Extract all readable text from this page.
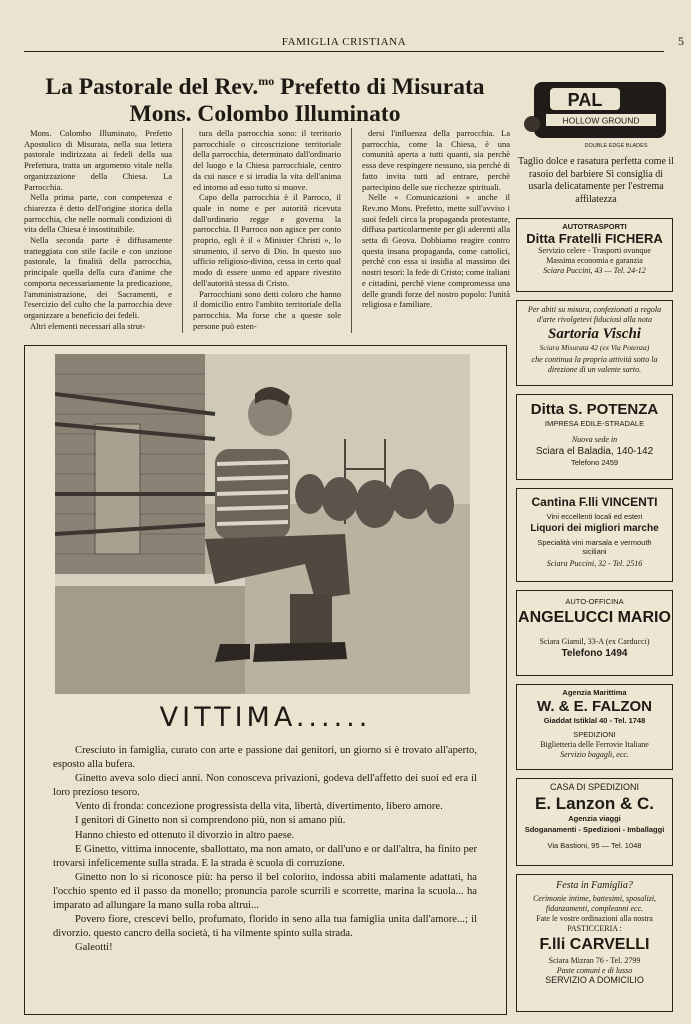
FAMIGLIA CRISTIANA	5
La Pastorale del Rev.$^{mo}$ Prefetto di Misurata
Mons. Colombo Illuminato

Mons. Colombo Illuminato, Prefetto Apostolico di Misurata, nella sua lettera pastorale indirizzata ai fedeli della sua Prefettura, tratta un argomento vitale nella organizzazione della Chiesa. La Parrocchia.

Nella prima parte, con competenza e chiarezza è detto dell'origine storica della parrocchia, che nelle normali condizioni di vita della Chiesa è insostituibile.

Nella seconda parte è diffusamente tratteggiata con stile facile e con unzione pastorale, la finalità della parrocchia, principale quella della cura d'anime che comporta necessariamente la predicazione, l'amministrazione, dei Sacramenti, e l'esercizio del culto che la parrocchia deve organizzare a beneficio dei fedeli.

Altri elementi necessari alla strut-

tura della parrocchia sono: il territorio parrocchiale o circoscrizione territoriale della parrocchia, determinato dall'ordinario del luogo e la Chiesa parrocchiale, centro da cui nasce e si irradia la vita dell'anima ed intorno ad esso tutto si muove.

Capo della parrocchia è il Parroco, il quale in nome e per autorità ricevuta dall'ordinario regge e governa la parrocchia. Il Parroco non agisce per conto proprio, egli è il « Minister Christi », lo strumento, il servo di Dio. In questo suo ufficio religioso-divino, cessa in certo qual modo di essere uomo ed appare rivestito dell'autorità stessa di Cristo.

Parrocchiani sono detti coloro che hanno il domicilio entro l'ambito territoriale della parrocchia. Ma forse che a queste sole persone può esten-

dersi l'influenza della parrocchia. La parrocchia, come la Chiesa, è una comunità aperta a tutti quanti, sia perchè essa deve respingere nessuno, sia perchè di fatto invita tutti ad entrare, perchè partecipino delle sue ricchezze spirituali.

Nelle « Comunicazioni » anche il Rev.mo Mons. Prefetto, mette sull'avviso i suoi fedeli circa la propaganda protestante, diffusa particolarmente per gli aderenti alla setta di Geova. Dobbiamo reagire contro questa insana propaganda, come cattolici, perchè con essa si insidia al massimo dei nostri tesori: la fede di Cristo; come italiani e cittadini, perchè viene compromessa una delle grandi forze del nostro popolo: l'unità religiosa e familiare.

VITTIMA......

Cresciuto in famiglia, curato con arte e passione dai genitori, un giorno si è trovato all'aperto, esposto alla bufera.

Ginetto aveva solo dieci anni. Non conosceva privazioni, godeva dell'affetto dei suoi ed era il loro prezioso tesoro.

Vento di fronda: concezione progressista della vita, libertà, divertimento, libero amore.

I genitori di Ginetto non si comprendono più, non si amano più.

Hanno chiesto ed ottenuto il divorzio in altro paese.

E Ginetto, vittima innocente, sballottato, ma non amato, or dall'uno e or dall'altra, ha finito per trovarsi infelicemente sulla strada. E la strada è scuola di corruzione.

Ginetto non lo si riconosce più: ha perso il bel colorito, indossa abiti malamente adattati, ha l'occhio spento ed il passo da monello; pronuncia parole scurrili e scorrette, marina la scuola... ha imparato ad allungare la mano sulla roba altrui...

Povero fiore, crescevi bello, profumato, florido in seno alla tua famiglia unita dall'amore...; il divorzio. questo cancro della società, ti ha vilmente spinto sulla strada.

Galeotti!

PAL
HOLLOW GROUND
DOUBLE EDGE BLADES
Taglio dolce e rasatura perfetta come il rasoio del barbiere Si consiglia di usarla delicatamente per l'estrema affilatezza
AUTOTRASPORTI
Ditta Fratelli FICHERA
Servizio celere - Trasporti ovunque
Massima economia e garanzia
Sciara Puccini, 43 — Tel. 24-12
Per abiti su misura, confezionati a regola d'arte rivolgetevi fiduciosi alla nota
Sartoria Vischi
Sciara Misurata 42 (ex Via Potenza)
che continua la propria attività sotto la direzione di un valente sarto.
Ditta S. POTENZA
IMPRESA EDILE-STRADALE
Nuova sede in
Sciara el Baladia, 140-142
Telefono 2459
Cantina F.lli VINCENTI
Vini eccellenti locali ed esteri
Liquori dei migliori marche
Specialità vini marsala e vermouth siciliani
Sciara Puccini, 32 - Tel. 2516
AUTO-OFFICINA
ANGELUCCI MARIO
Sciara Giamil, 33-A (ex Carducci)
Telefono 1494
Agenzia Marittima
W. & E. FALZON
Giaddat Istiklal 40 - Tel. 1748
SPEDIZIONI
Biglietteria delle Ferrovie Italiane
Servizio bagagli, ecc.
CASA DI SPEDIZIONI
E. Lanzon & C.
Agenzia viaggi
Sdoganamenti - Spedizioni - Imballaggi
Via Bastioni, 95 — Tel. 1048
Festa in Famiglia?
Cerimonie intime, battesimi, sposalizi, fidanzamenti, compleanni ecc.
Fate le vostre ordinazioni alla nostra PASTICCERIA :
F.lli CARVELLI
Sciara Mizran 76 - Tel. 2799
Paste comuni e di lusso
SERVIZIO A DOMICILIO
